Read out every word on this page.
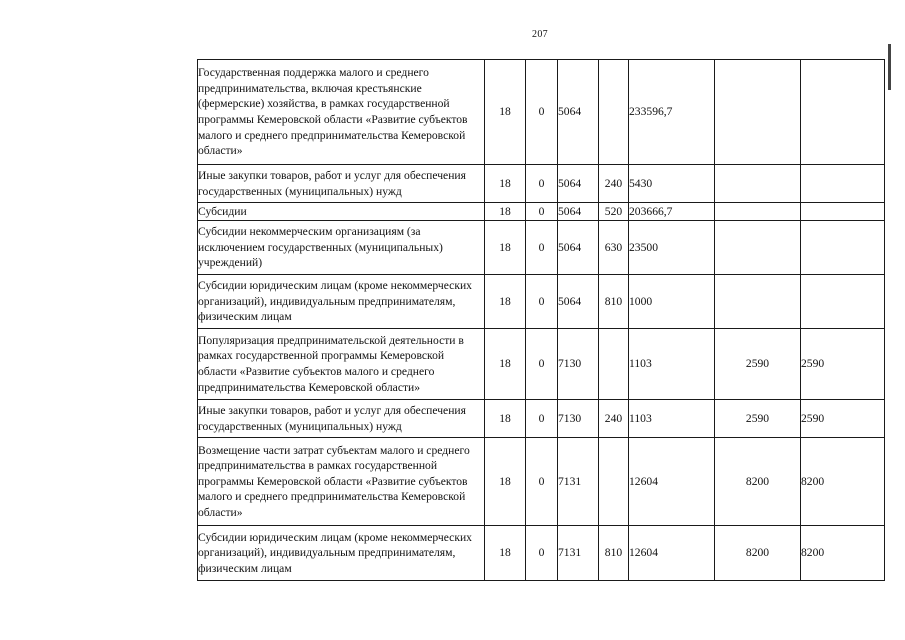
207
Государственная поддержка малого и среднего предпринимательства, включая крестьянские (фермерские) хозяйства, в рамках государственной программы Кемеровской области «Развитие субъектов малого и среднего предпринимательства Кемеровской области»	18	0	5064		233596,7		
Иные закупки товаров, работ и услуг для обеспечения государственных (муниципальных) нужд	18	0	5064	240	5430		
Субсидии	18	0	5064	520	203666,7		
Субсидии некоммерческим организациям (за исключением государственных (муниципальных) учреждений)	18	0	5064	630	23500		
Субсидии юридическим лицам (кроме некоммерческих организаций), индивидуальным предпринимателям, физическим лицам	18	0	5064	810	1000		
Популяризация предпринимательской деятельности в рамках государственной программы Кемеровской области «Развитие субъектов малого и среднего предпринимательства Кемеровской области»	18	0	7130		1103	2590	2590
Иные закупки товаров, работ и услуг для обеспечения государственных (муниципальных) нужд	18	0	7130	240	1103	2590	2590
Возмещение части затрат субъектам малого и среднего предпринимательства в рамках государственной программы Кемеровской области «Развитие субъектов малого и среднего предпринимательства Кемеровской области»	18	0	7131		12604	8200	8200
Субсидии юридическим лицам (кроме некоммерческих организаций), индивидуальным предпринимателям, физическим лицам	18	0	7131	810	12604	8200	8200
